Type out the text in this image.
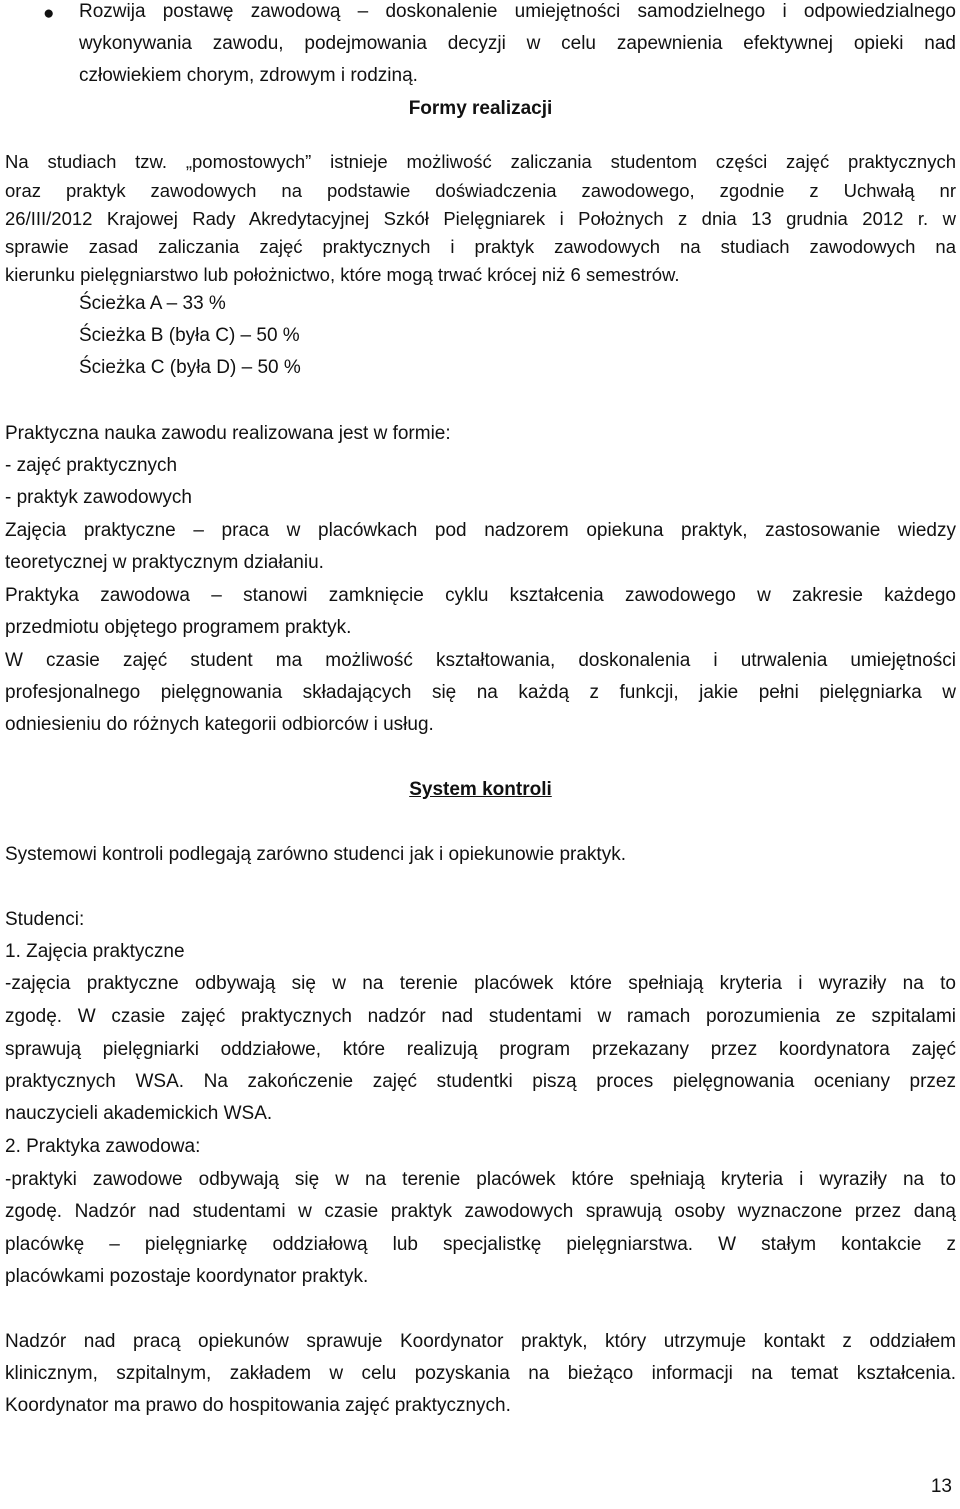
● Rozwija postawę zawodową – doskonalenie umiejętności samodzielnego i odpowiedzialnego
wykonywania zawodu, podejmowania decyzji w celu zapewnienia efektywnej opieki nad
człowiekiem chorym, zdrowym i rodziną.
Formy realizacji
Na studiach tzw. „pomostowych” istnieje możliwość zaliczania studentom części zajęć praktycznych
oraz praktyk zawodowych na podstawie doświadczenia zawodowego, zgodnie z Uchwałą nr
26/III/2012 Krajowej Rady Akredytacyjnej Szkół Pielęgniarek i Położnych z dnia 13 grudnia 2012 r. w
sprawie zasad zaliczania zajęć praktycznych i praktyk zawodowych na studiach zawodowych na
kierunku pielęgniarstwo lub położnictwo, które mogą trwać krócej niż 6 semestrów.
Ścieżka A – 33 %
Ścieżka B (była C) – 50 %
Ścieżka C (była D) – 50 %
Praktyczna nauka zawodu realizowana jest w formie:
- zajęć praktycznych
- praktyk zawodowych
Zajęcia praktyczne – praca w placówkach pod nadzorem opiekuna praktyk, zastosowanie wiedzy
teoretycznej w praktycznym działaniu.
Praktyka zawodowa – stanowi zamknięcie cyklu kształcenia zawodowego w zakresie każdego
przedmiotu objętego programem praktyk.
W czasie zajęć student ma możliwość kształtowania, doskonalenia i utrwalenia umiejętności
profesjonalnego pielęgnowania składających się na każdą z funkcji, jakie pełni pielęgniarka w
odniesieniu do różnych kategorii odbiorców i usług.
System kontroli
Systemowi kontroli podlegają zarówno studenci jak i opiekunowie praktyk.
Studenci:
1. Zajęcia praktyczne
-zajęcia praktyczne odbywają się w na terenie placówek które spełniają kryteria i wyraziły na to
zgodę. W czasie zajęć praktycznych nadzór nad studentami w ramach porozumienia ze szpitalami
sprawują pielęgniarki oddziałowe, które realizują program przekazany przez koordynatora zajęć
praktycznych WSA. Na zakończenie zajęć studentki piszą proces pielęgnowania oceniany przez
nauczycieli akademickich WSA.
2. Praktyka zawodowa:
-praktyki zawodowe odbywają się w na terenie placówek które spełniają kryteria i wyraziły na to
zgodę. Nadzór nad studentami w czasie praktyk zawodowych sprawują osoby wyznaczone przez daną
placówkę – pielęgniarkę oddziałową lub specjalistkę pielęgniarstwa. W stałym kontakcie z
placówkami pozostaje koordynator praktyk.
Nadzór nad pracą opiekunów sprawuje Koordynator praktyk, który utrzymuje kontakt z oddziałem
klinicznym, szpitalnym, zakładem w celu pozyskania na bieżąco informacji na temat kształcenia.
Koordynator ma prawo do hospitowania zajęć praktycznych.
13
